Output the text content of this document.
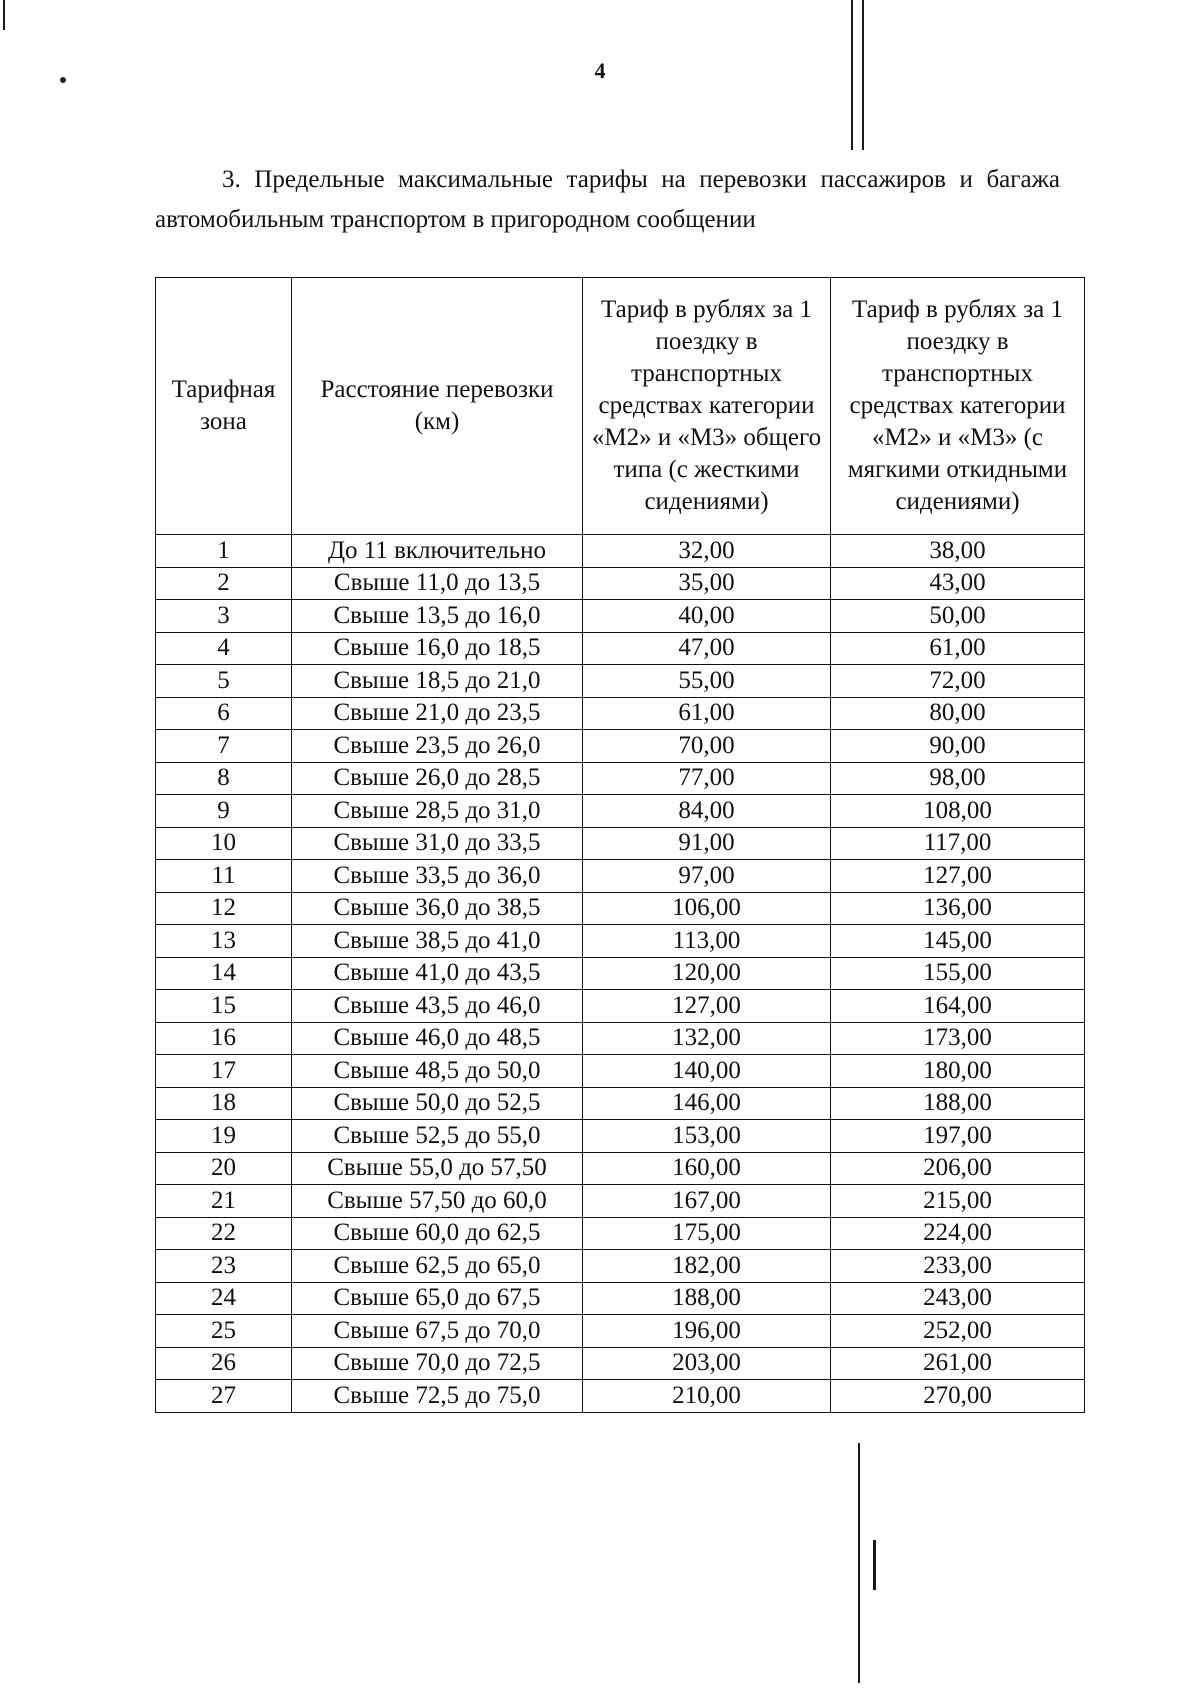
4
3. Предельные максимальные тарифы на перевозки пассажиров и багажа автомобильным транспортом в пригородном сообщении
Тарифная зона	Расстояние перевозки (км)	Тариф в рублях за 1 поездку в транспортных средствах категории «М2» и «М3» общего типа (с жесткими сидениями)	Тариф в рублях за 1 поездку в транспортных средствах категории «М2» и «М3» (с мягкими откидными сидениями)
1	До 11 включительно	32,00	38,00
2	Свыше 11,0 до 13,5	35,00	43,00
3	Свыше 13,5 до 16,0	40,00	50,00
4	Свыше 16,0 до 18,5	47,00	61,00
5	Свыше 18,5 до 21,0	55,00	72,00
6	Свыше 21,0 до 23,5	61,00	80,00
7	Свыше 23,5 до 26,0	70,00	90,00
8	Свыше 26,0 до 28,5	77,00	98,00
9	Свыше 28,5 до 31,0	84,00	108,00
10	Свыше 31,0 до 33,5	91,00	117,00
11	Свыше 33,5 до 36,0	97,00	127,00
12	Свыше 36,0 до 38,5	106,00	136,00
13	Свыше 38,5 до 41,0	113,00	145,00
14	Свыше 41,0 до 43,5	120,00	155,00
15	Свыше 43,5 до 46,0	127,00	164,00
16	Свыше 46,0 до 48,5	132,00	173,00
17	Свыше 48,5 до 50,0	140,00	180,00
18	Свыше 50,0 до 52,5	146,00	188,00
19	Свыше 52,5 до 55,0	153,00	197,00
20	Свыше 55,0 до 57,50	160,00	206,00
21	Свыше 57,50 до 60,0	167,00	215,00
22	Свыше 60,0 до 62,5	175,00	224,00
23	Свыше 62,5 до 65,0	182,00	233,00
24	Свыше 65,0 до 67,5	188,00	243,00
25	Свыше 67,5 до 70,0	196,00	252,00
26	Свыше 70,0 до 72,5	203,00	261,00
27	Свыше 72,5 до 75,0	210,00	270,00
